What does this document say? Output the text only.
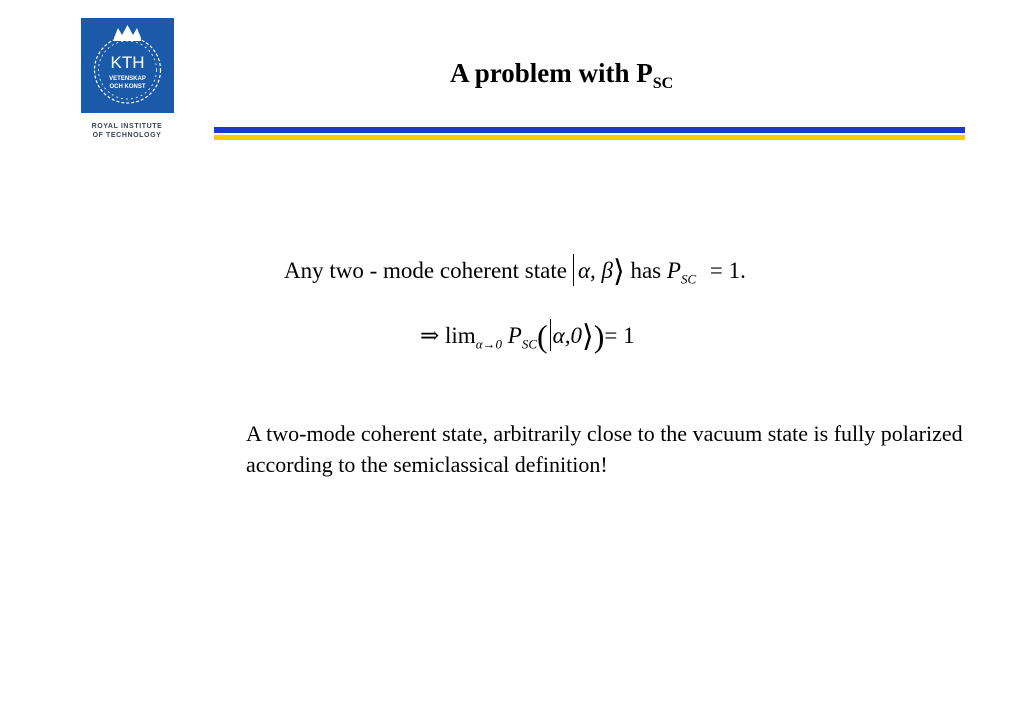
KTH
VETENSKAP
OCH KONST
ROYAL INSTITUTE
OF TECHNOLOGY
A problem with $P_{SC}$
Any two - mode coherent state α, β⟩ has $P_{SC} = 1$.
⇒ $\lim_{\alpha\to 0} P_{SC}$( α,0⟩)= 1
A two-mode coherent state, arbitrarily close to the vacuum state is fully polarized according to the semiclassical definition!
